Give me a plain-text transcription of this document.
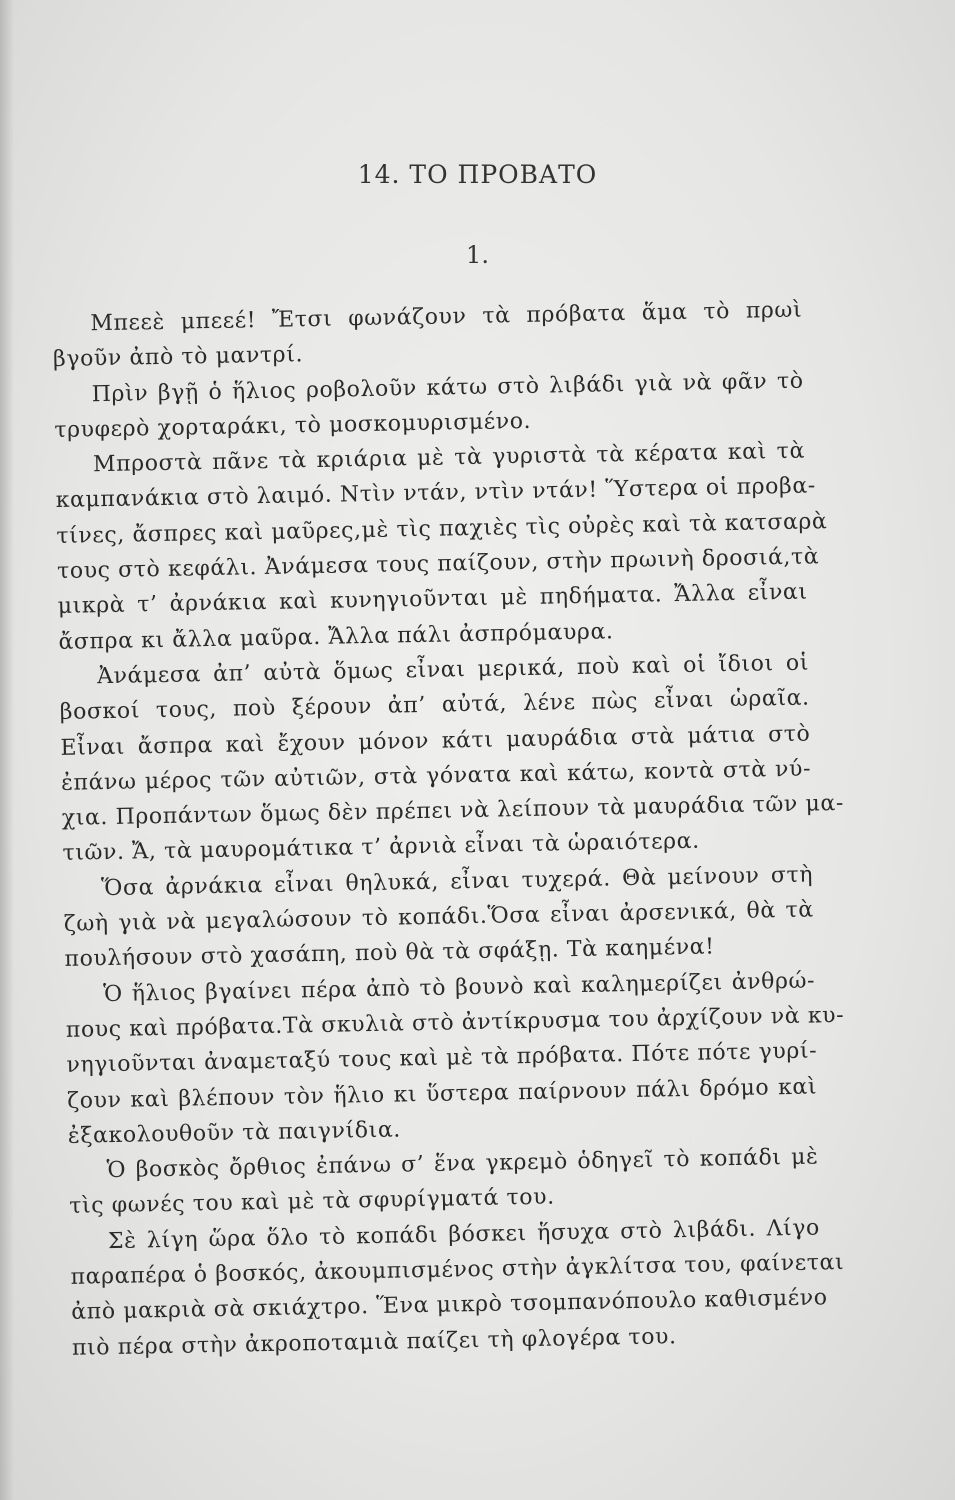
14. ΤΟ ΠΡΟΒΑΤΟ
1.
Μπεεὲ μπεεέ! Ἔτσι φωνάζουν τὰ πρόβατα ἅμα τὸ πρωὶ
βγοῦν ἀπὸ τὸ μαντρί.
Πρὶν βγῇ ὁ ἥλιος ροβολοῦν κάτω στὸ λιβάδι γιὰ νὰ φᾶν τὸ
τρυφερὸ χορταράκι, τὸ μοσκομυρισμένο.
Μπροστὰ πᾶνε τὰ κριάρια μὲ τὰ γυριστὰ τὰ κέρατα καὶ τὰ
καμπανάκια στὸ λαιμό. Ντὶν ντάν, ντὶν ντάν! Ὕστερα οἱ προβα-
τίνες, ἄσπρες καὶ μαῦρες,μὲ τὶς παχιὲς τὶς οὐρὲς καὶ τὰ κατσαρὰ
τους στὸ κεφάλι. Ἀνάμεσα τους παίζουν, στὴν πρωινὴ δροσιά,τὰ
μικρὰ τ’ ἀρνάκια καὶ κυνηγιοῦνται μὲ πηδήματα. Ἄλλα εἶναι
ἄσπρα κι ἄλλα μαῦρα. Ἄλλα πάλι ἀσπρόμαυρα.
Ἀνάμεσα ἀπ’ αὐτὰ ὅμως εἶναι μερικά, ποὺ καὶ οἱ ἴδιοι οἱ
βοσκοί τους, ποὺ ξέρουν ἀπ’ αὐτά, λένε πὼς εἶναι ὡραῖα.
Εἶναι ἄσπρα καὶ ἔχουν μόνον κάτι μαυράδια στὰ μάτια στὸ
ἐπάνω μέρος τῶν αὐτιῶν, στὰ γόνατα καὶ κάτω, κοντὰ στὰ νύ-
χια. Προπάντων ὅμως δὲν πρέπει νὰ λείπουν τὰ μαυράδια τῶν μα-
τιῶν. Ἄ, τὰ μαυρομάτικα τ’ ἀρνιὰ εἶναι τὰ ὡραιότερα.
Ὅσα ἀρνάκια εἶναι θηλυκά, εἶναι τυχερά. Θὰ μείνουν στὴ
ζωὴ γιὰ νὰ μεγαλώσουν τὸ κοπάδι.Ὅσα εἶναι ἀρσενικά, θὰ τὰ
πουλήσουν στὸ χασάπη, ποὺ θὰ τὰ σφάξῃ. Τὰ καημένα!
Ὁ ἥλιος βγαίνει πέρα ἀπὸ τὸ βουνὸ καὶ καλημερίζει ἀνθρώ-
πους καὶ πρόβατα.Τὰ σκυλιὰ στὸ ἀντίκρυσμα του ἀρχίζουν νὰ κυ-
νηγιοῦνται ἀναμεταξύ τους καὶ μὲ τὰ πρόβατα. Πότε πότε γυρί-
ζουν καὶ βλέπουν τὸν ἥλιο κι ὕστερα παίρνουν πάλι δρόμο καὶ
ἐξακολουθοῦν τὰ παιγνίδια.
Ὁ βοσκὸς ὄρθιος ἐπάνω σ’ ἕνα γκρεμὸ ὁδηγεῖ τὸ κοπάδι μὲ
τὶς φωνές του καὶ μὲ τὰ σφυρίγματά του.
Σὲ λίγη ὥρα ὅλο τὸ κοπάδι βόσκει ἥσυχα στὸ λιβάδι. Λίγο
παραπέρα ὁ βοσκός, ἀκουμπισμένος στὴν ἀγκλίτσα του, φαίνεται
ἀπὸ μακριὰ σὰ σκιάχτρο. Ἕνα μικρὸ τσομπανόπουλο καθισμένο
πιὸ πέρα στὴν ἀκροποταμιὰ παίζει τὴ φλογέρα του.
